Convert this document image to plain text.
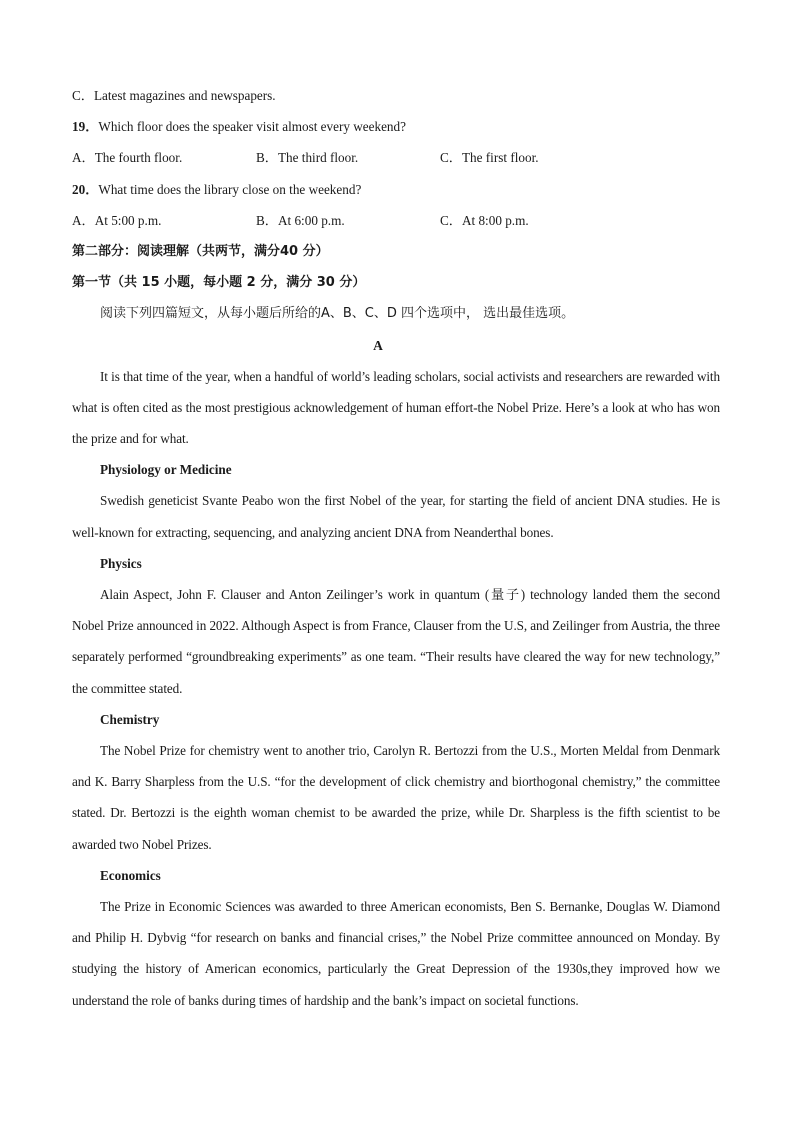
C．Latest magazines and newspapers.
19．Which floor does the speaker visit almost every weekend?
A．The fourth floor.	B．The third floor.	C．The first floor.
20．What time does the library close on the weekend?
A．At 5:00 p.m.	B．At 6:00 p.m.	C．At 8:00 p.m.
第二部分：阅读理解（共两节，满分40 分）
第一节（共 15 小题，每小题 2 分，满分 30 分）
阅读下列四篇短文，从每小题后所给的A、B、C、D 四个选项中， 选出最佳选项。
A

It is that time of the year, when a handful of world’s leading scholars, social activists and researchers are rewarded with what is often cited as the most prestigious acknowledgement of human effort-the Nobel Prize. Here’s a look at who has won the prize and for what.

Physiology or Medicine

Swedish geneticist Svante Peabo won the first Nobel of the year, for starting the field of ancient DNA studies. He is well-known for extracting, sequencing, and analyzing ancient DNA from Neanderthal bones.

Physics

Alain Aspect, John F. Clauser and Anton Zeilinger’s work in quantum (量子) technology landed them the second Nobel Prize announced in 2022. Although Aspect is from France, Clauser from the U.S, and Zeilinger from Austria, the three separately performed “groundbreaking experiments” as one team. “Their results have cleared the way for new technology,” the committee stated.

Chemistry

The Nobel Prize for chemistry went to another trio, Carolyn R. Bertozzi from the U.S., Morten Meldal from Denmark and K. Barry Sharpless from the U.S. “for the development of click chemistry and biorthogonal chemistry,” the committee stated. Dr. Bertozzi is the eighth woman chemist to be awarded the prize, while Dr. Sharpless is the fifth scientist to be awarded two Nobel Prizes.

Economics

The Prize in Economic Sciences was awarded to three American economists, Ben S. Bernanke, Douglas W. Diamond and Philip H. Dybvig “for research on banks and financial crises,” the Nobel Prize committee announced on Monday. By studying the history of American economics, particularly the Great Depression of the 1930s,they improved how we understand the role of banks during times of hardship and the bank’s impact on societal functions.
